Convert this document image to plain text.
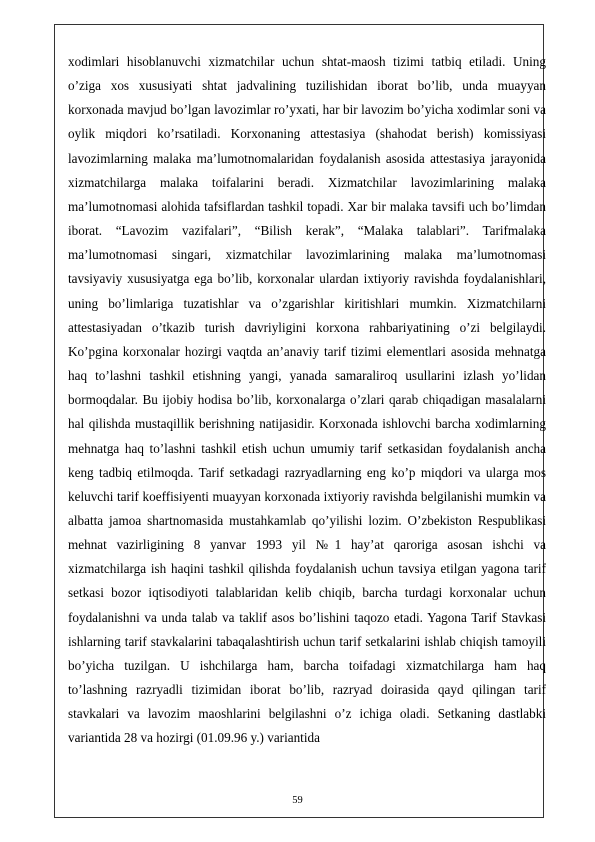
xodimlari hisoblanuvchi xizmatchilar uchun shtat-maosh tizimi tatbiq etiladi. Uning o’ziga xos xususiyati shtat jadvalining tuzilishidan iborat bo’lib, unda muayyan korxonada mavjud bo’lgan lavozimlar ro’yxati, har bir lavozim bo’yicha xodimlar soni va oylik miqdori ko’rsatiladi. Korxonaning attestasiya (shahodat berish) komissiyasi lavozimlarning malaka ma’lumotnomalaridan foydalanish asosida attestasiya jarayonida xizmatchilarga malaka toifalarini beradi. Xizmatchilar lavozimlarining malaka ma’lumotnomasi alohida tafsiflardan tashkil topadi. Xar bir malaka tavsifi uch bo’limdan iborat. “Lavozim vazifalari”, “Bilish kerak”, “Malaka talablari”. Tarifmalaka ma’lumotnomasi singari, xizmatchilar lavozimlarining malaka ma’lumotnomasi tavsiyaviy xususiyatga ega bo’lib, korxonalar ulardan ixtiyoriy ravishda foydalanishlari, uning bo’limlariga tuzatishlar va o’zgarishlar kiritishlari mumkin. Xizmatchilarni attestasiyadan o’tkazib turish davriyligini korxona rahbariyatining o’zi belgilaydi. Ko’pgina korxonalar hozirgi vaqtda an’anaviy tarif tizimi elementlari asosida mehnatga haq to’lashni tashkil etishning yangi, yanada samaraliroq usullarini izlash yo’lidan bormoqdalar. Bu ijobiy hodisa bo’lib, korxonalarga o’zlari qarab chiqadigan masalalarni hal qilishda mustaqillik berishning natijasidir. Korxonada ishlovchi barcha xodimlarning mehnatga haq to’lashni tashkil etish uchun umumiy tarif setkasidan foydalanish ancha keng tadbiq etilmoqda. Tarif setkadagi razryadlarning eng ko’p miqdori va ularga mos keluvchi tarif koeffisiyenti muayyan korxonada ixtiyoriy ravishda belgilanishi mumkin va albatta jamoa shartnomasida mustahkamlab qo’yilishi lozim. O’zbekiston Respublikasi mehnat vazirligining 8 yanvar 1993 yil №1 hay’at qaroriga asosan ishchi va xizmatchilarga ish haqini tashkil qilishda foydalanish uchun tavsiya etilgan yagona tarif setkasi bozor iqtisodiyoti talablaridan kelib chiqib, barcha turdagi korxonalar uchun foydalanishni va unda talab va taklif asos bo’lishini taqozo etadi. Yagona Tarif Stavkasi ishlarning tarif stavkalarini tabaqalashtirish uchun tarif setkalarini ishlab chiqish tamoyili bo’yicha tuzilgan. U ishchilarga ham, barcha toifadagi xizmatchilarga ham haq to’lashning razryadli tizimidan iborat bo’lib, razryad doirasida qayd qilingan tarif stavkalari va lavozim maoshlarini belgilashni o’z ichiga oladi. Setkaning dastlabki variantida 28 va hozirgi (01.09.96 y.) variantida

59
